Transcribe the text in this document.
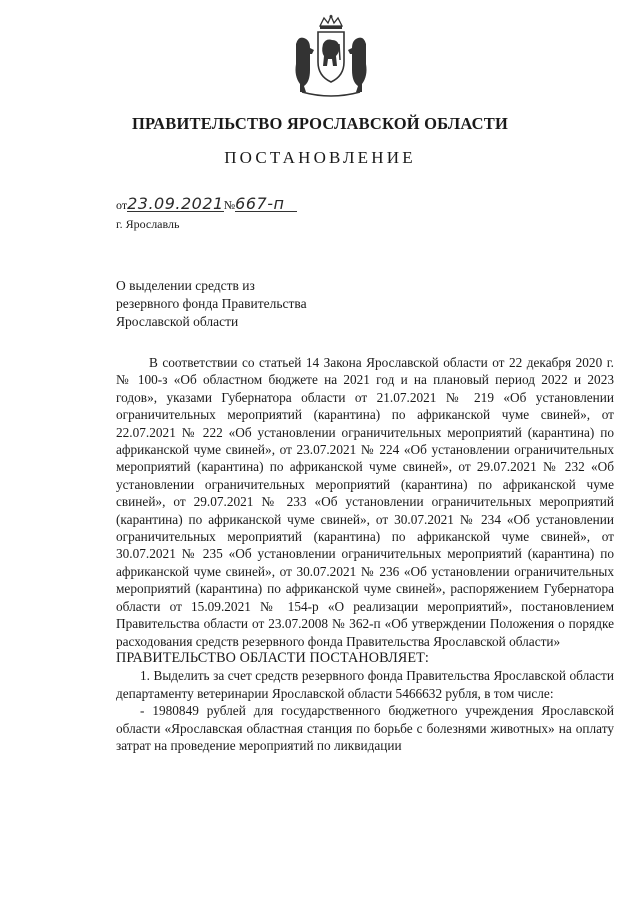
ПРАВИТЕЛЬСТВО ЯРОСЛАВСКОЙ ОБЛАСТИ
ПОСТАНОВЛЕНИЕ
от23.09.2021№667-п
г. Ярославль
О выделении средств из
резервного фонда Правительства
Ярославской области

В соответствии со статьей 14 Закона Ярославской области от 22 декабря 2020 г. № 100-з «Об областном бюджете на 2021 год и на плановый период 2022 и 2023 годов», указами Губернатора области от 21.07.2021 № 219 «Об установлении ограничительных мероприятий (карантина) по африканской чуме свиней», от 22.07.2021 № 222 «Об установлении ограничительных мероприятий (карантина) по африканской чуме свиней», от 23.07.2021 № 224 «Об установлении ограничительных мероприятий (карантина) по африканской чуме свиней», от 29.07.2021 № 232 «Об установлении ограничительных мероприятий (карантина) по африканской чуме свиней», от 29.07.2021 № 233 «Об установлении ограничительных мероприятий (карантина) по африканской чуме свиней», от 30.07.2021 № 234 «Об установлении ограничительных мероприятий (карантина) по африканской чуме свиней», от 30.07.2021 № 235 «Об установлении ограничительных мероприятий (карантина) по африканской чуме свиней», от 30.07.2021 № 236 «Об установлении ограничительных мероприятий (карантина) по африканской чуме свиней», распоряжением Губернатора области от 15.09.2021 № 154-р «О реализации мероприятий», постановлением Правительства области от 23.07.2008 № 362-п «Об утверждении Положения о порядке расходования средств резервного фонда Правительства Ярославской области»

ПРАВИТЕЛЬСТВО ОБЛАСТИ ПОСТАНОВЛЯЕТ:

1. Выделить за счет средств резервного фонда Правительства Ярославской области департаменту ветеринарии Ярославской области 5466632 рубля, в том числе:

- 1980849 рублей для государственного бюджетного учреждения Ярославской области «Ярославская областная станция по борьбе с болезнями животных» на оплату затрат на проведение мероприятий по ликвидации
